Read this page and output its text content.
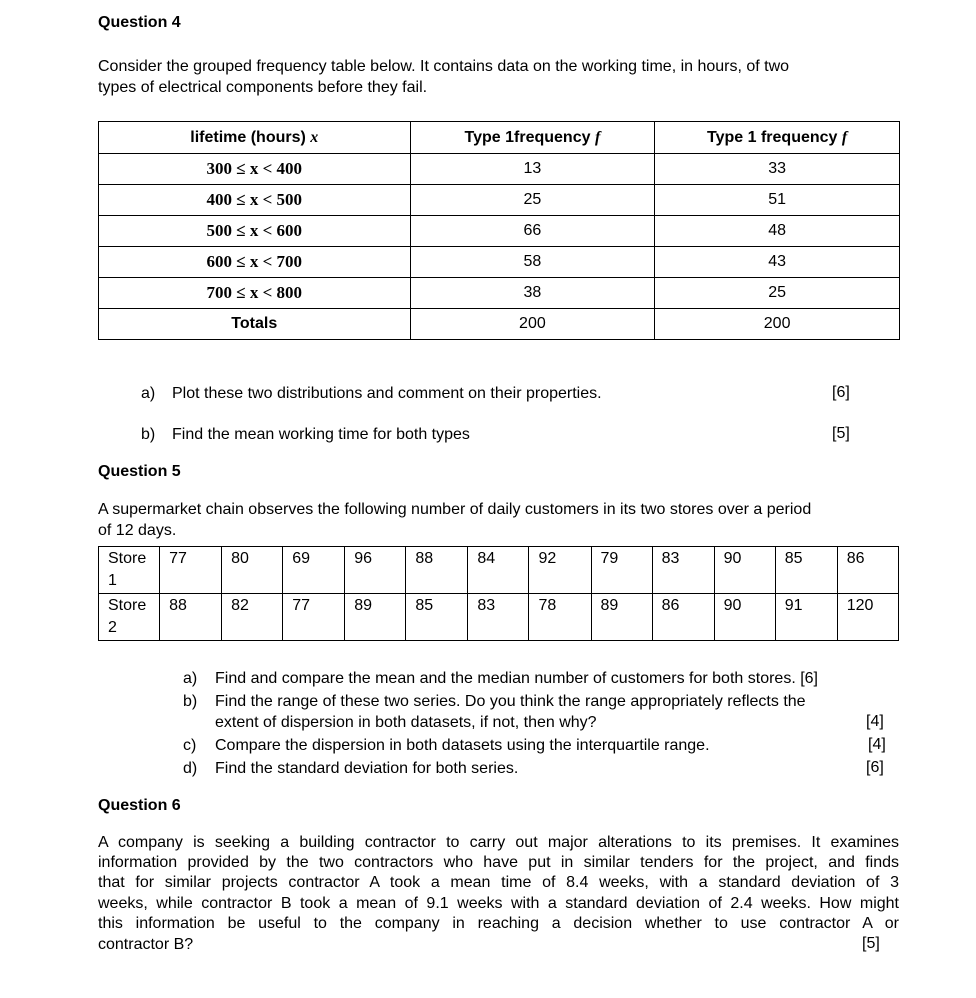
Question 4
Consider the grouped frequency table below. It contains data on the working time, in hours, of two
types of electrical components before they fail.
lifetime (hours) x	Type 1frequency f	Type 1 frequency f
300 ≤ x < 400	13	33
400 ≤ x < 500	25	51
500 ≤ x < 600	66	48
600 ≤ x < 700	58	43
700 ≤ x < 800	38	25
Totals	200	200
a) Plot these two distributions and comment on their properties.	[6]
b) Find the mean working time for both types	[5]
Question 5
A supermarket chain observes the following number of daily customers in its two stores over a period
of 12 days.
Store 1	77	80	69	96	88	84	92	79	83	90	85	86
Store 2	88	82	77	89	85	83	78	89	86	90	91	120
a) Find and compare the mean and the median number of customers for both stores. [6]
b) Find the range of these two series. Do you think the range appropriately reflects the
extent of dispersion in both datasets, if not, then why?	[4]
c) Compare the dispersion in both datasets using the interquartile range.	[4]
d) Find the standard deviation for both series.	[6]
Question 6
A company is seeking a building contractor to carry out major alterations to its premises. It examines
information provided by the two contractors who have put in similar tenders for the project, and finds
that for similar projects contractor A took a mean time of 8.4 weeks, with a standard deviation of 3
weeks, while contractor B took a mean of 9.1 weeks with a standard deviation of 2.4 weeks. How might
this information be useful to the company in reaching a decision whether to use contractor A or
contractor B?	[5]
